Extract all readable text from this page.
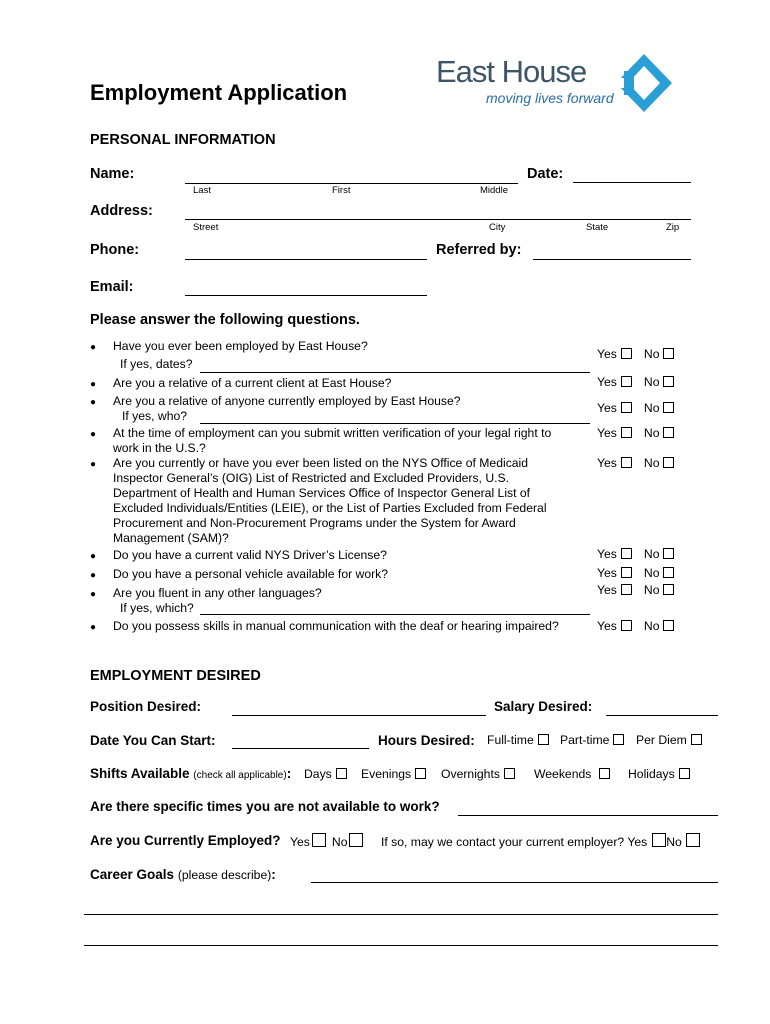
Employment Application
East House
moving lives forward
PERSONAL INFORMATION
Name:
Last	First	Middle
Date:
Address:
Street	City	State	Zip
Phone:	Referred by:
Email:
Please answer the following questions.
● Have you ever been employed by East House?
If yes, dates?
Yes No
● Are you a relative of a current client at East House?	Yes No
● Are you a relative of anyone currently employed by East House?
If yes, who?
Yes No
● At the time of employment can you submit written verification of your legal right to
work in the U.S.?
Yes No
● Are you currently or have you ever been listed on the NYS Office of Medicaid
Inspector General’s (OIG) List of Restricted and Excluded Providers, U.S.
Department of Health and Human Services Office of Inspector General List of
Excluded Individuals/Entities (LEIE), or the List of Parties Excluded from Federal
Procurement and Non-Procurement Programs under the System for Award
Management (SAM)?
Yes No
● Do you have a current valid NYS Driver’s License?	Yes No
● Do you have a personal vehicle available for work?	Yes No
● Are you fluent in any other languages?
If yes, which?
Yes No
● Do you possess skills in manual communication with the deaf or hearing impaired?	Yes No
EMPLOYMENT DESIRED
Position Desired:	Salary Desired:
Date You Can Start:	Hours Desired: Full-time	Part-time	Per Diem
Shifts Available (check all applicable): Days	Evenings	Overnights	Weekends	Holidays
Are there specific times you are not available to work?
Are you Currently Employed? Yes No	If so, may we contact your current employer? Yes No
Career Goals (please describe):
